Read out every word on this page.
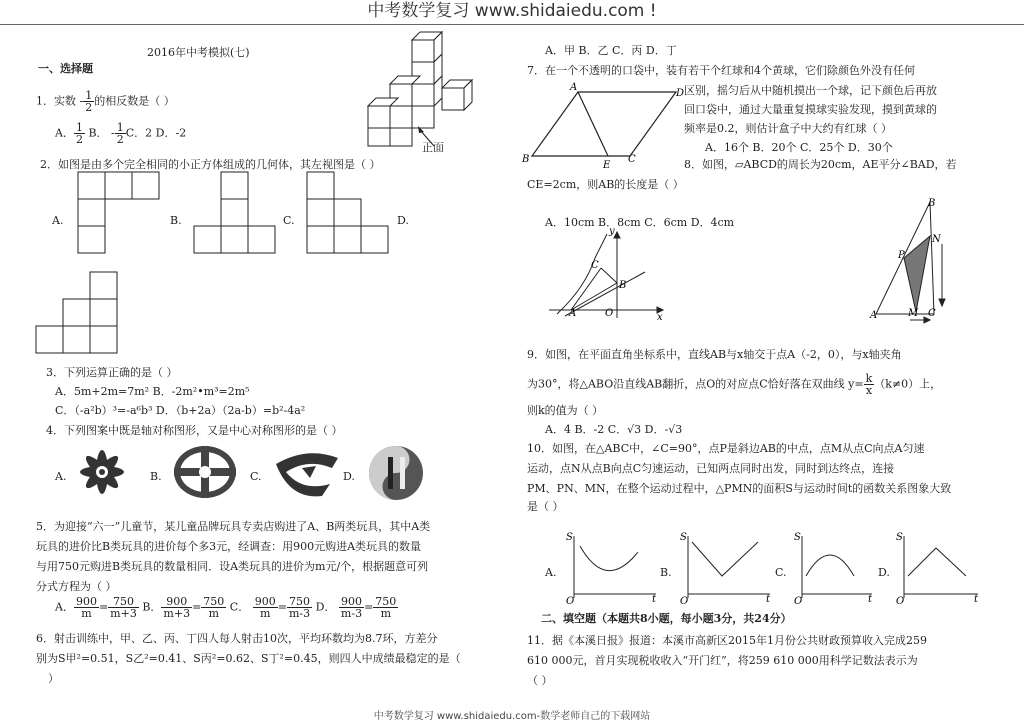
中考数学复习 www.shidaiedu.com !
2016年中考模拟(七)
一、选择题
1．实数 - $\frac{1}{2}$ 的相反数是（ ）
A． $\frac{1}{2}$ B． - $\frac{1}{2}$ C．2 D．-2
正面
2．如图是由多个完全相同的小正方体组成的几何体，其左视图是（ ）
A.	B.	C.	D.
3．下列运算正确的是（ ）
A．5m+2m=7m² B．-2m²•m³=2m⁵
C．（-a²b）³=-a⁶b³ D．（b+2a）（2a-b）=b²-4a²
4．下列图案中既是轴对称图形，又是中心对称图形的是（ ）
A.	B.	C.	D.
5．为迎接“六一”儿童节，某儿童品牌玩具专卖店购进了A、B两类玩具，其中A类
玩具的进价比B类玩具的进价每个多3元，经调查：用900元购进A类玩具的数量
与用750元购进B类玩具的数量相同．设A类玩具的进价为m元/个，根据题意可列
分式方程为（ ）
A． $\frac{900}{m} = \frac{750}{m+3}$ B． $\frac{900}{m+3} = \frac{750}{m}$ C． $\frac{900}{m} = \frac{750}{m-3}$ D． $\frac{900}{m-3} = \frac{750}{m}$
6．射击训练中，甲、乙、丙、丁四人每人射击10次，平均环数均为8.7环，方差分
别为S甲²=0.51，S乙²=0.41、S丙²=0.62、S丁²=0.45，则四人中成绩最稳定的是（
）
A．甲 B．乙 C．丙 D．丁
7．在一个不透明的口袋中，装有若干个红球和4个黄球，它们除颜色外没有任何
区别，摇匀后从中随机摸出一个球，记下颜色后再放
回口袋中，通过大量重复摸球实验发现，摸到黄球的
频率是0.2，则估计盒子中大约有红球（ ）
A．16个 B．20个 C．25个 D．30个
A
D
B
E
C	8．如图，▱ABCD的周长为20cm，AE平分∠BAD，若
CE=2cm，则AB的长度是（ ）
A．10cm B．8cm C．6cm D．4cm
A	O
B
C
y
x
B
P
N
A	M C
9．如图，在平面直角坐标系中，直线AB与x轴交于点A（-2，0），与x轴夹角
为30°，将△ABO沿直线AB翻折，点O的对应点C恰好落在双曲线 $y= \frac{k}{x} (k\ne 0)$上，
则k的值为（ ）
A．4 B．-2 C．√3 D．-√3
10．如图，在△ABC中，∠C=90°，点P是斜边AB的中点，点M从点C向点A匀速
运动，点N从点B向点C匀速运动，已知两点同时出发，同时到达终点，连接
PM、PN、MN，在整个运动过程中，△PMN的面积S与运动时间t的函数关系图象大致
是（ ）
A.
S
O	t
B.
S
O	t
C.
S
O	t
D.
S
O	t
二、填空题（本题共8小题，每小题3分，共24分）
11．据《本溪日报》报道：本溪市高新区2015年1月份公共财政预算收入完成259
610 000元，首月实现税收收入“开门红”，将259 610 000用科学记数法表示为
（ ）
中考数学复习 www.shidaiedu.com-数学老师自己的下载网站
